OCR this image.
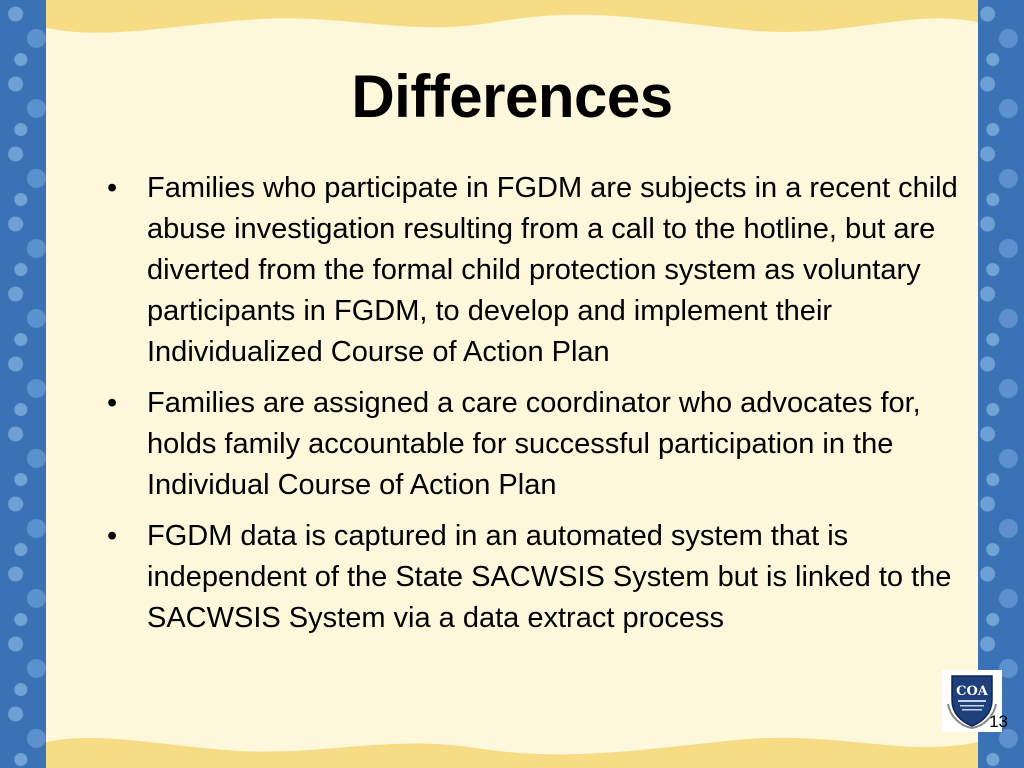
Differences
• Families who participate in FGDM are subjects in a recent child abuse investigation resulting from a call to the hotline, but are diverted from the formal child protection system as voluntary participants in FGDM, to develop and implement their Individualized Course of Action Plan
• Families are assigned a care coordinator who advocates for, holds family accountable for successful participation in the Individual Course of Action Plan
• FGDM data is captured in an automated system that is independent of the State SACWSIS System but is linked to the SACWSIS System via a data extract process
COA
13
